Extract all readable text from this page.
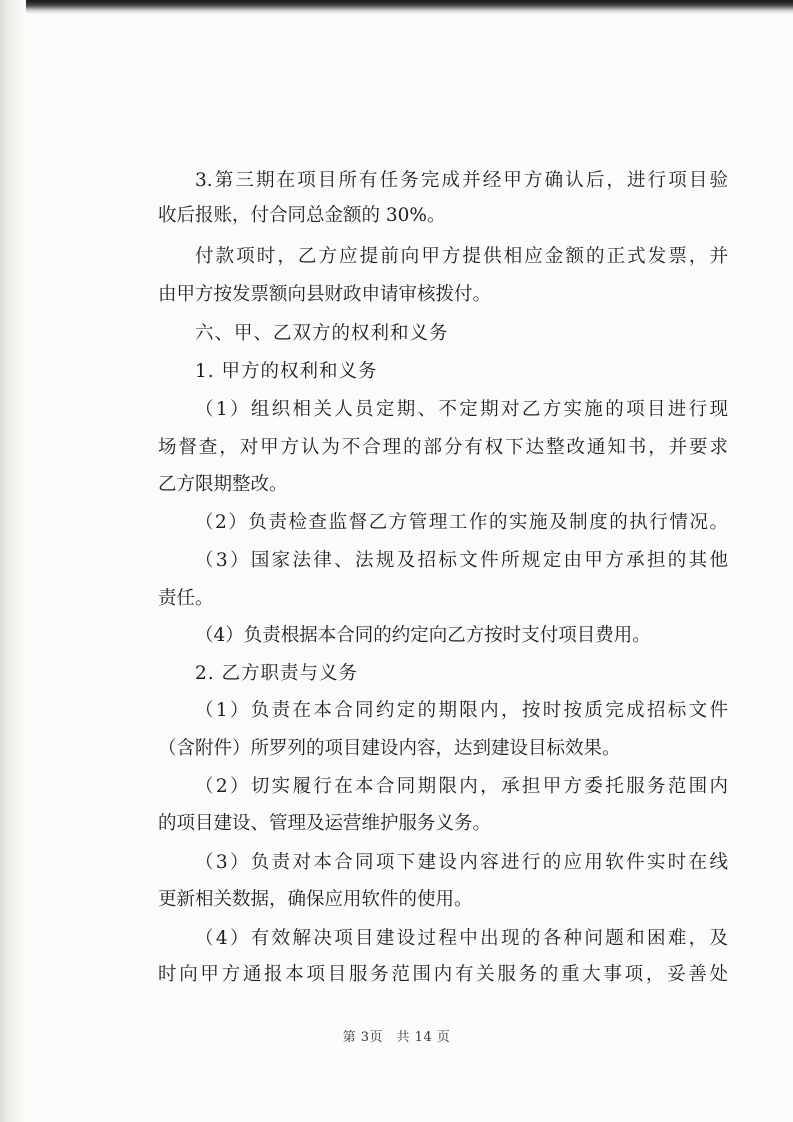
3.第三期在项目所有任务完成并经甲方确认后，进行项目验

收后报账，付合同总金额的 30%。

付款项时，乙方应提前向甲方提供相应金额的正式发票，并

由甲方按发票额向县财政申请审核拨付。

六、甲、乙双方的权利和义务

1. 甲方的权利和义务

（1）组织相关人员定期、不定期对乙方实施的项目进行现

场督查，对甲方认为不合理的部分有权下达整改通知书，并要求

乙方限期整改。

（2）负责检查监督乙方管理工作的实施及制度的执行情况。

（3）国家法律、法规及招标文件所规定由甲方承担的其他

责任。

（4）负责根据本合同的约定向乙方按时支付项目费用。

2. 乙方职责与义务

（1）负责在本合同约定的期限内，按时按质完成招标文件

（含附件）所罗列的项目建设内容，达到建设目标效果。

（2）切实履行在本合同期限内，承担甲方委托服务范围内

的项目建设、管理及运营维护服务义务。

（3）负责对本合同项下建设内容进行的应用软件实时在线

更新相关数据，确保应用软件的使用。

（4）有效解决项目建设过程中出现的各种问题和困难，及

时向甲方通报本项目服务范围内有关服务的重大事项，妥善处

第 3页　共 14 页
